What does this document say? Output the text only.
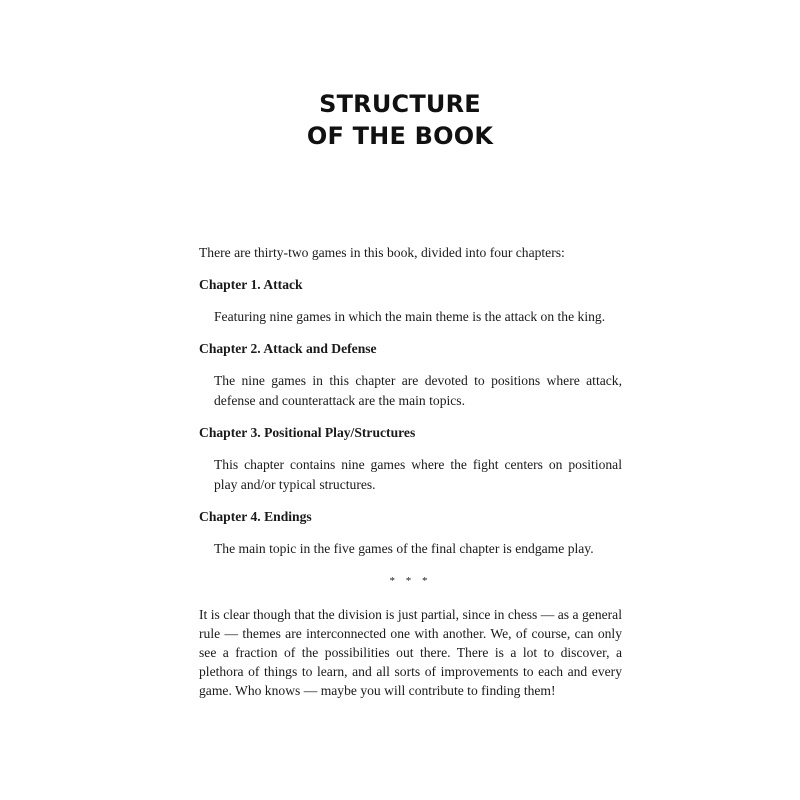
STRUCTURE
OF THE BOOK

There are thirty-two games in this book, divided into four chapters:

Chapter 1. Attack

Featuring nine games in which the main theme is the attack on the king.

Chapter 2. Attack and Defense

The nine games in this chapter are devoted to positions where attack, defense and counterattack are the main topics.

Chapter 3. Positional Play/Structures

This chapter contains nine games where the fight centers on positional play and/or typical structures.

Chapter 4. Endings

The main topic in the five games of the final chapter is endgame play.

* * *

It is clear though that the division is just partial, since in chess — as a general rule — themes are interconnected one with another. We, of course, can only see a fraction of the possibilities out there. There is a lot to discover, a plethora of things to learn, and all sorts of improvements to each and every game. Who knows — maybe you will contribute to finding them!
